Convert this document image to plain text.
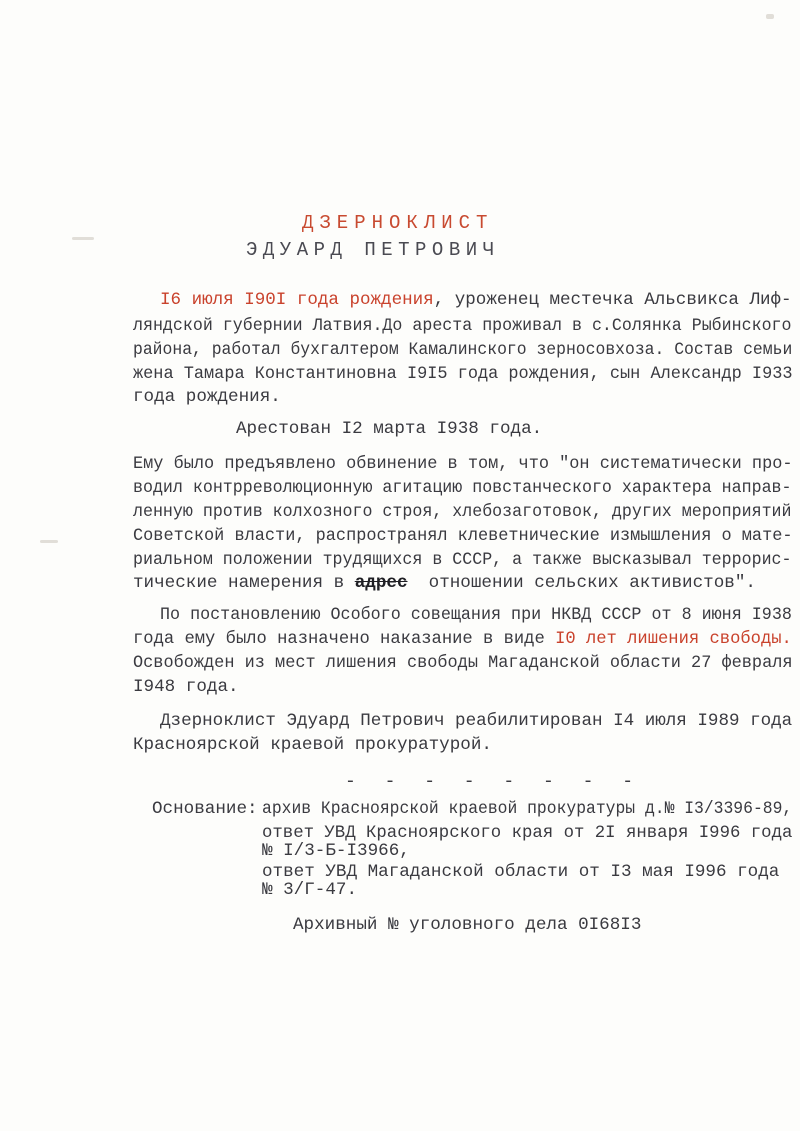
ДЗЕРНОКЛИСТ
ЭДУАРД ПЕТРОВИЧ
I6 июля I90I года рождения, уроженец местечка Альсвикса Лиф-
ляндской губернии Латвия.До ареста проживал в с.Солянка Рыбинского
района, работал бухгалтером Камалинского зерносовхоза. Состав семьи
жена Тамара Константиновна I9I5 года рождения, сын Александр I933
года рождения.
Арестован I2 марта I938 года.
Ему было предъявлено обвинение в том, что "он систематически про-
водил контрреволюционную агитацию повстанческого характера направ-
ленную против колхозного строя, хлебозаготовок, других мероприятий
Советской власти, распространял клеветнические измышления о мате-
риальном положении трудящихся в СССР, а также высказывал террорис-
тические намерения в адрес  отношении сельских активистов".
По постановлению Особого совещания при НКВД СССР от 8 июня I938
года ему было назначено наказание в виде I0 лет лишения свободы.
Освобожден из мест лишения свободы Магаданской области 27 февраля
I948 года.
Дзерноклист Эдуард Петрович реабилитирован I4 июля I989 года
Красноярской краевой прокуратурой.
- - - - - - - -
Основание: архив Красноярской краевой прокуратуры д.№ I3/3396-89,
ответ УВД Красноярского края от 2I января I996 года
№ I/3-Б-I3966,
ответ УВД Магаданской области от I3 мая I996 года
№ 3/Г-47.
Архивный № уголовного дела 0I68I3
